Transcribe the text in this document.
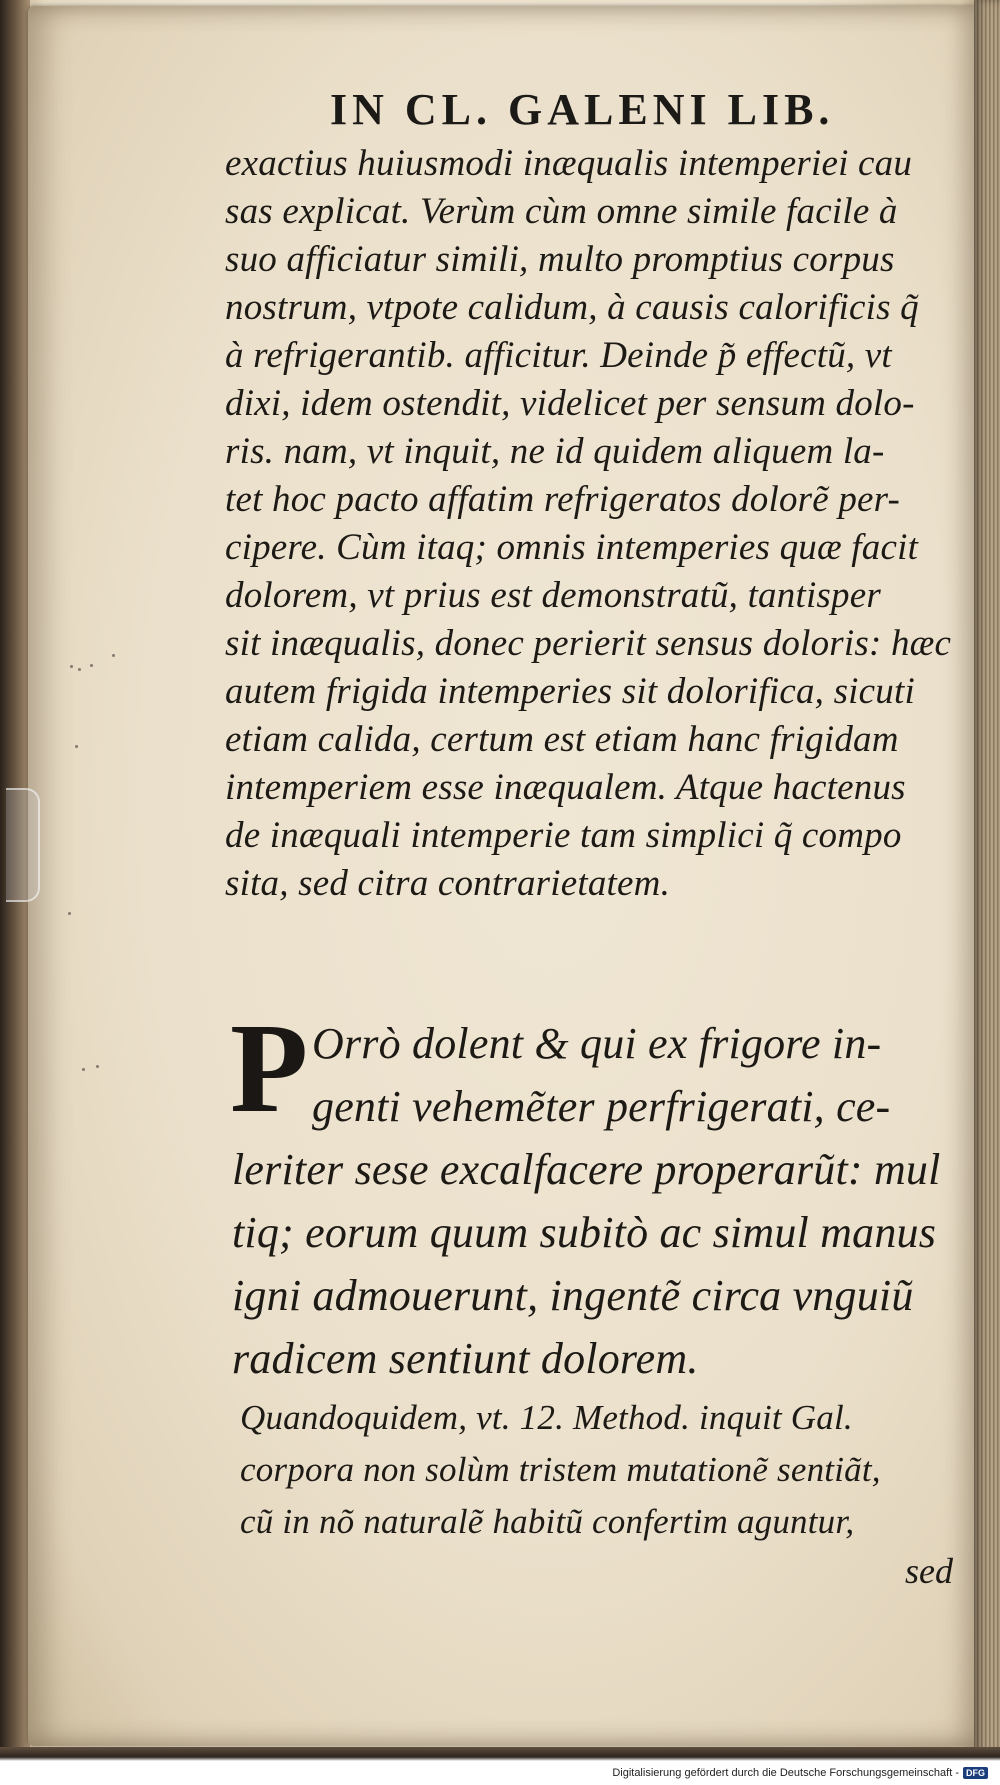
IN CL. GALENI LIB.
exactius huiusmodi inæqualis intemperiei cau
sas explicat. Verùm cùm omne simile facile à
suo afficiatur simili, multo promptius corpus
nostrum, vtpote calidum, à causis calorificis q̃
à refrigerantib. afficitur. Deinde p̃ effectũ, vt
dixi, idem ostendit, videlicet per sensum dolo-
ris. nam, vt inquit, ne id quidem aliquem la-
tet hoc pacto affatim refrigeratos dolorẽ per-
cipere. Cùm itaq; omnis intemperies quæ facit
dolorem, vt prius est demonstratũ, tantisper
sit inæqualis, donec perierit sensus doloris: hæc
autem frigida intemperies sit dolorifica, sicuti
etiam calida, certum est etiam hanc frigidam
intemperiem esse inæqualem. Atque hactenus
de inæquali intemperie tam simplici q̃ compo
sita, sed citra contrarietatem.
P Orrò dolent & qui ex frigore in-
genti vehemẽter perfrigerati, ce-
leriter sese excalfacere properarũt: mul
tiq; eorum quum subitò ac simul manus
igni admouerunt, ingentẽ circa vnguiũ
radicem sentiunt dolorem.
Quandoquidem, vt. 12. Method. inquit Gal.
corpora non solùm tristem mutationẽ sentiãt,
cũ in nõ naturalẽ habitũ confertim aguntur,
sed
Digitalisierung gefördert durch die Deutsche Forschungsgemeinschaft - DFG
